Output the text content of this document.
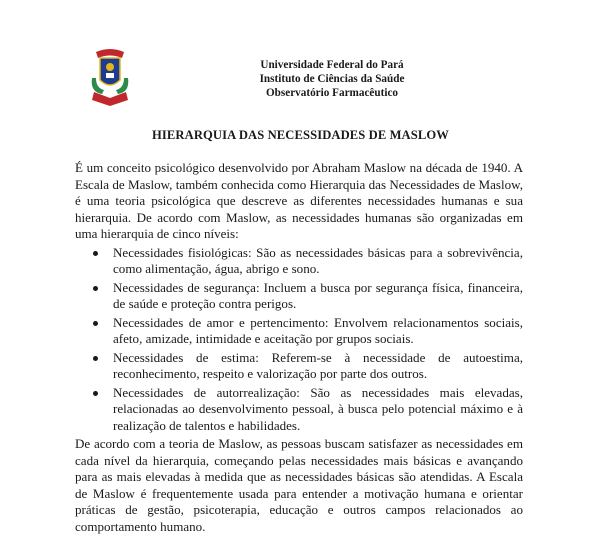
Universidade Federal do Pará
Instituto de Ciências da Saúde
Observatório Farmacêutico
HIERARQUIA DAS NECESSIDADES DE MASLOW

É um conceito psicológico desenvolvido por Abraham Maslow na década de 1940. A Escala de Maslow, também conhecida como Hierarquia das Necessidades de Maslow, é uma teoria psicológica que descreve as diferentes necessidades humanas e sua hierarquia. De acordo com Maslow, as necessidades humanas são organizadas em uma hierarquia de cinco níveis:

Necessidades fisiológicas: São as necessidades básicas para a sobrevivência, como alimentação, água, abrigo e sono.
Necessidades de segurança: Incluem a busca por segurança física, financeira, de saúde e proteção contra perigos.
Necessidades de amor e pertencimento: Envolvem relacionamentos sociais, afeto, amizade, intimidade e aceitação por grupos sociais.
Necessidades de estima: Referem-se à necessidade de autoestima, reconhecimento, respeito e valorização por parte dos outros.
Necessidades de autorrealização: São as necessidades mais elevadas, relacionadas ao desenvolvimento pessoal, à busca pelo potencial máximo e à realização de talentos e habilidades.

De acordo com a teoria de Maslow, as pessoas buscam satisfazer as necessidades em cada nível da hierarquia, começando pelas necessidades mais básicas e avançando para as mais elevadas à medida que as necessidades básicas são atendidas. A Escala de Maslow é frequentemente usada para entender a motivação humana e orientar práticas de gestão, psicoterapia, educação e outros campos relacionados ao comportamento humano.
